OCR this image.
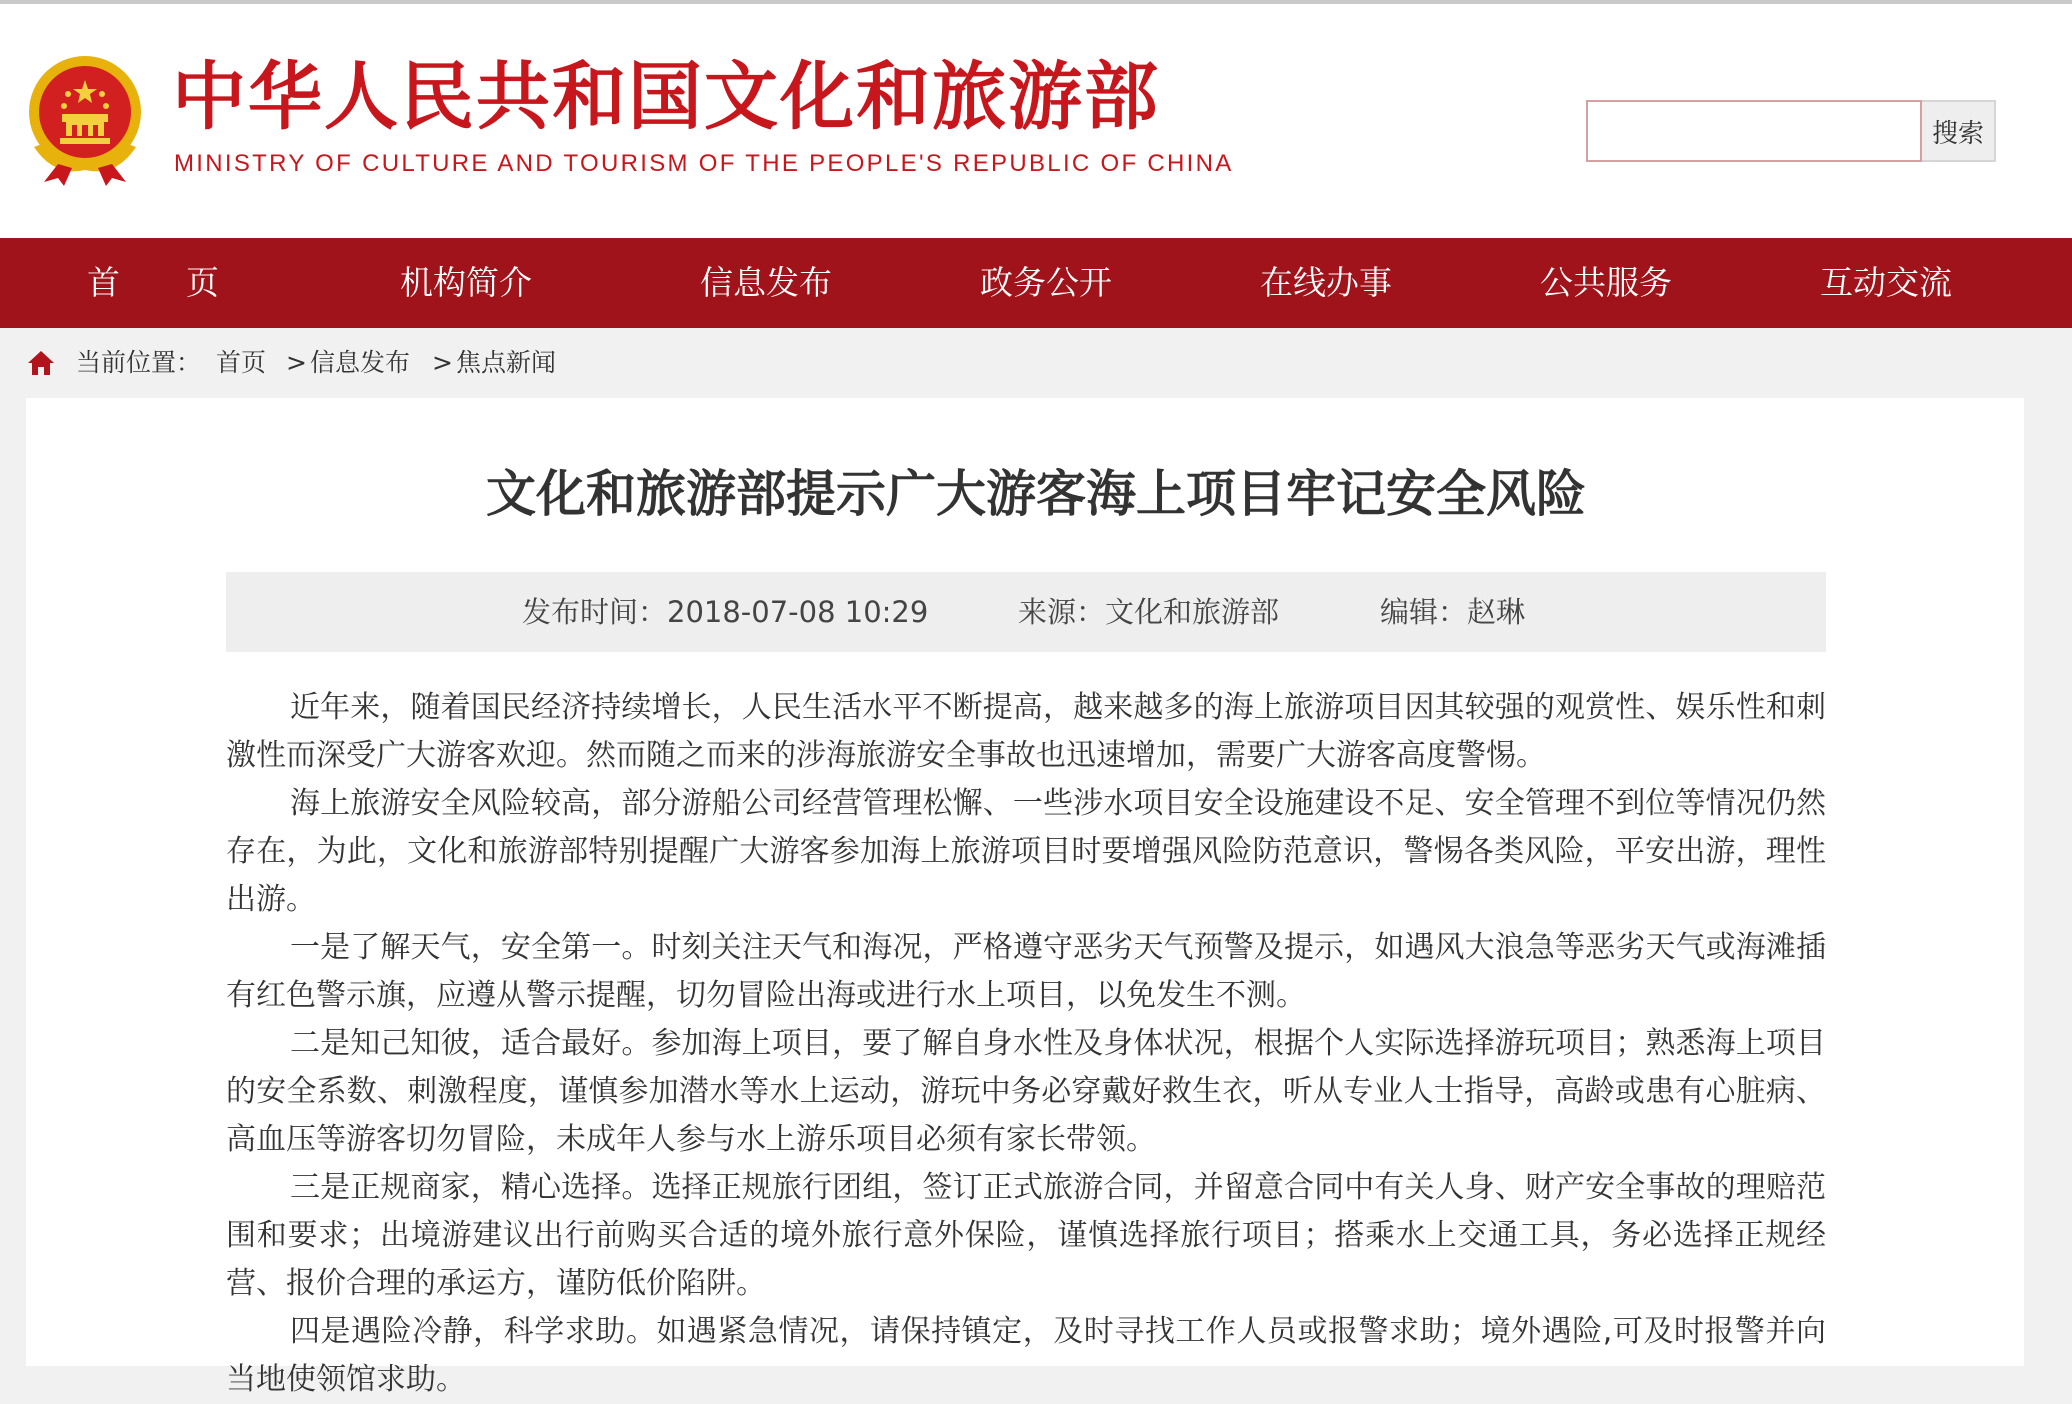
中华人民共和国文化和旅游部
MINISTRY OF CULTURE AND TOURISM OF THE PEOPLE'S REPUBLIC OF CHINA
搜索
首页	机构简介	信息发布	政务公开	在线办事	公共服务	互动交流
当前位置： 首页 > 信息发布 > 焦点新闻
文化和旅游部提示广大游客海上项目牢记安全风险
发布时间：2018-07-08 10:29	来源：文化和旅游部	编辑：赵琳

近年来，随着国民经济持续增长，人民生活水平不断提高，越来越多的海上旅游项目因其较强的观赏性、娱乐性和刺激性而深受广大游客欢迎。然而随之而来的涉海旅游安全事故也迅速增加，需要广大游客高度警惕。

海上旅游安全风险较高，部分游船公司经营管理松懈、一些涉水项目安全设施建设不足、安全管理不到位等情况仍然存在，为此，文化和旅游部特别提醒广大游客参加海上旅游项目时要增强风险防范意识，警惕各类风险，平安出游，理性出游。

一是了解天气，安全第一。时刻关注天气和海况，严格遵守恶劣天气预警及提示，如遇风大浪急等恶劣天气或海滩插有红色警示旗，应遵从警示提醒，切勿冒险出海或进行水上项目，以免发生不测。

二是知己知彼，适合最好。参加海上项目，要了解自身水性及身体状况，根据个人实际选择游玩项目；熟悉海上项目的安全系数、刺激程度，谨慎参加潜水等水上运动，游玩中务必穿戴好救生衣，听从专业人士指导，高龄或患有心脏病、高血压等游客切勿冒险，未成年人参与水上游乐项目必须有家长带领。

三是正规商家，精心选择。选择正规旅行团组，签订正式旅游合同，并留意合同中有关人身、财产安全事故的理赔范围和要求；出境游建议出行前购买合适的境外旅行意外保险，谨慎选择旅行项目；搭乘水上交通工具，务必选择正规经营、报价合理的承运方，谨防低价陷阱。

四是遇险冷静，科学求助。如遇紧急情况，请保持镇定，及时寻找工作人员或报警求助；境外遇险,可及时报警并向当地使领馆求助。
